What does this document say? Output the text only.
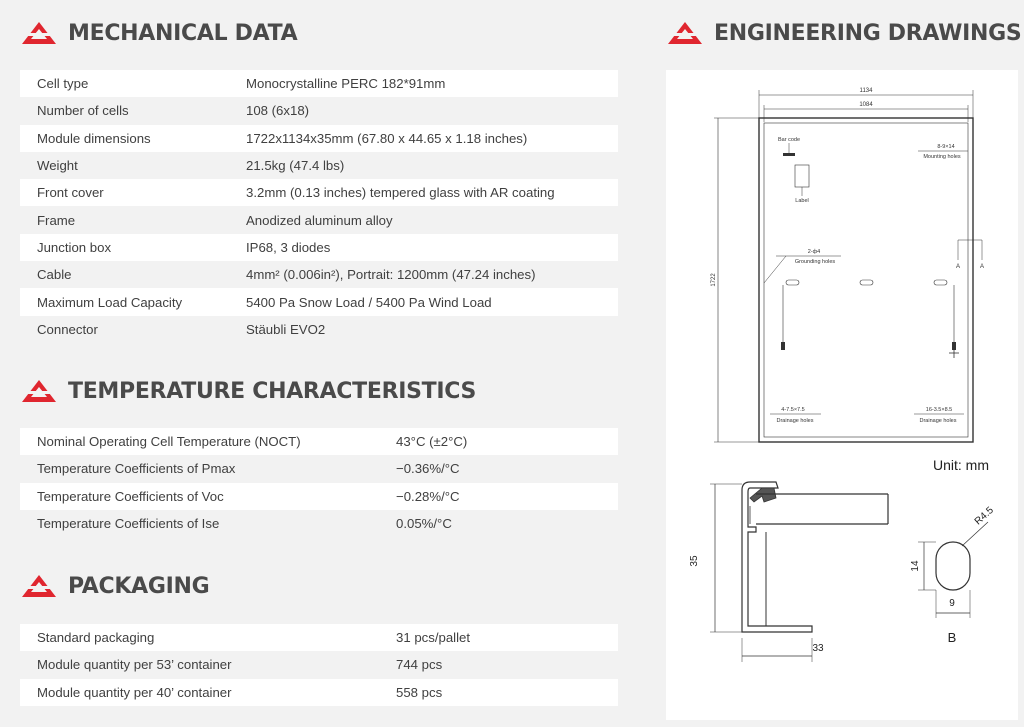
MECHANICAL DATA
Cell type	Monocrystalline PERC 182*91mm
Number of cells	108 (6x18)
Module dimensions	1722x1134x35mm (67.80 x 44.65 x 1.18 inches)
Weight	21.5kg (47.4 lbs)
Front cover	3.2mm (0.13 inches) tempered glass with AR coating
Frame	Anodized aluminum alloy
Junction box	IP68, 3 diodes
Cable	4mm² (0.006in²), Portrait: 1200mm (47.24 inches)
Maximum Load Capacity	5400 Pa Snow Load / 5400 Pa Wind Load
Connector	Stäubli EVO2
TEMPERATURE CHARACTERISTICS
Nominal Operating Cell Temperature (NOCT)	43°C (±2°C)
Temperature Coefficients of Pmax	−0.36%/°C
Temperature Coefficients of Voc	−0.28%/°C
Temperature Coefficients of Ise	0.05%/°C
PACKAGING
Standard packaging	31 pcs/pallet
Module quantity per 53’ container	744 pcs
Module quantity per 40’ container	558 pcs
ENGINEERING DRAWINGS
1134
1084
1722
Bar code
Label
8-9×14
Mounting holes
2-ф4
Grounding holes
A	A
4-7.5×7.5
Drainage holes
16-3.5×8.5
Drainage holes
35
33
R4.5
14
9
B
Unit: mm
